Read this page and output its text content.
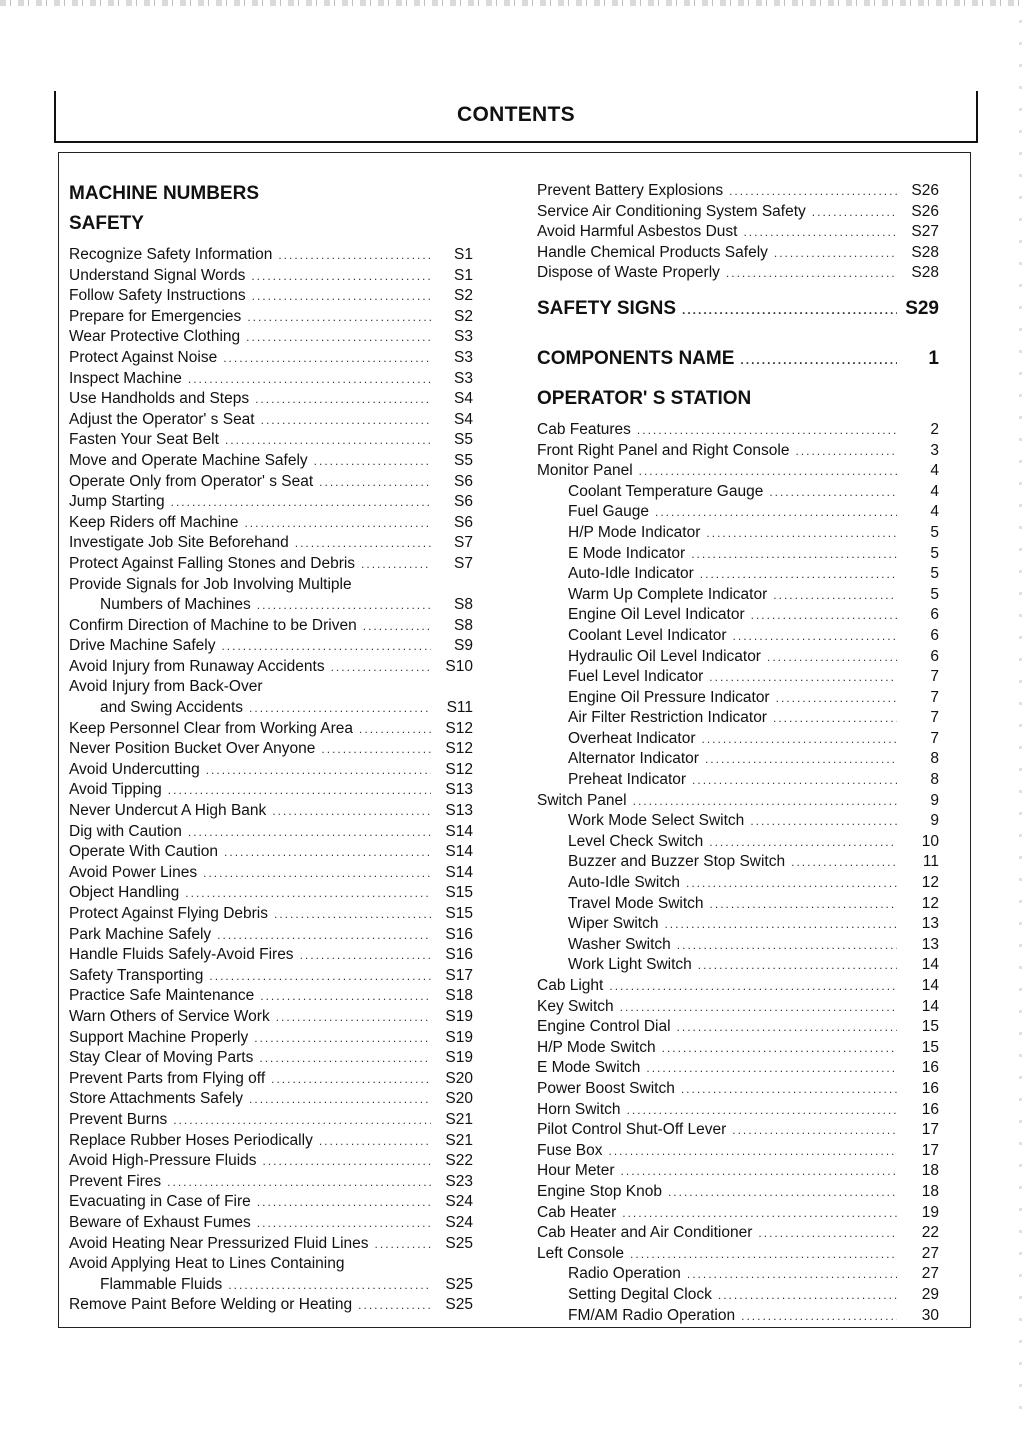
CONTENTS
MACHINE NUMBERS
SAFETY
Recognize Safety Information .....	S1
Understand Signal Words .....	S1
Follow Safety Instructions .....	S2
Prepare for Emergencies .....	S2
Wear Protective Clothing .....	S3
Protect Against Noise .....	S3
Inspect Machine .....	S3
Use Handholds and Steps .....	S4
Adjust the Operator' s Seat .....	S4
Fasten Your Seat Belt .....	S5
Move and Operate Machine Safely .....	S5
Operate Only from Operator' s Seat .....	S6
Jump Starting .....	S6
Keep Riders off Machine .....	S6
Investigate Job Site Beforehand .....	S7
Protect Against Falling Stones and Debris .....	S7
Provide Signals for Job Involving Multiple
Numbers of Machines .....	S8
Confirm Direction of Machine to be Driven .....	S8
Drive Machine Safely .....	S9
Avoid Injury from Runaway Accidents .....	S10
Avoid Injury from Back-Over
and Swing Accidents .....	S11
Keep Personnel Clear from Working Area .....	S12
Never Position Bucket Over Anyone .....	S12
Avoid Undercutting .....	S12
Avoid Tipping .....	S13
Never Undercut A High Bank .....	S13
Dig with Caution .....	S14
Operate With Caution .....	S14
Avoid Power Lines .....	S14
Object Handling .....	S15
Protect Against Flying Debris .....	S15
Park Machine Safely .....	S16
Handle Fluids Safely-Avoid Fires .....	S16
Safety Transporting .....	S17
Practice Safe Maintenance .....	S18
Warn Others of Service Work .....	S19
Support Machine Properly .....	S19
Stay Clear of Moving Parts .....	S19
Prevent Parts from Flying off .....	S20
Store Attachments Safely .....	S20
Prevent Burns .....	S21
Replace Rubber Hoses Periodically .....	S21
Avoid High-Pressure Fluids .....	S22
Prevent Fires .....	S23
Evacuating in Case of Fire .....	S24
Beware of Exhaust Fumes .....	S24
Avoid Heating Near Pressurized Fluid Lines .....	S25
Avoid Applying Heat to Lines Containing
Flammable Fluids .....	S25
Remove Paint Before Welding or Heating .....	S25
Prevent Battery Explosions .....	S26
Service Air Conditioning System Safety .....	S26
Avoid Harmful Asbestos Dust .....	S27
Handle Chemical Products Safely .....	S28
Dispose of Waste Properly .....	S28
SAFETY SIGNS .....	S29
COMPONENTS NAME .....	1
OPERATOR' S STATION
Cab Features .....	2
Front Right Panel and Right Console .....	3
Monitor Panel .....	4
Coolant Temperature Gauge .....	4
Fuel Gauge .....	4
H/P Mode Indicator .....	5
E Mode Indicator .....	5
Auto-Idle Indicator .....	5
Warm Up Complete Indicator .....	5
Engine Oil Level Indicator .....	6
Coolant Level Indicator .....	6
Hydraulic Oil Level Indicator .....	6
Fuel Level Indicator .....	7
Engine Oil Pressure Indicator .....	7
Air Filter Restriction Indicator .....	7
Overheat Indicator .....	7
Alternator Indicator .....	8
Preheat Indicator .....	8
Switch Panel .....	9
Work Mode Select Switch .....	9
Level Check Switch .....	10
Buzzer and Buzzer Stop Switch .....	11
Auto-Idle Switch .....	12
Travel Mode Switch .....	12
Wiper Switch .....	13
Washer Switch .....	13
Work Light Switch .....	14
Cab Light .....	14
Key Switch .....	14
Engine Control Dial .....	15
H/P Mode Switch .....	15
E Mode Switch .....	16
Power Boost Switch .....	16
Horn Switch .....	16
Pilot Control Shut-Off Lever .....	17
Fuse Box .....	17
Hour Meter .....	18
Engine Stop Knob .....	18
Cab Heater .....	19
Cab Heater and Air Conditioner .....	22
Left Console .....	27
Radio Operation .....	27
Setting Degital Clock .....	29
FM/AM Radio Operation .....	30
